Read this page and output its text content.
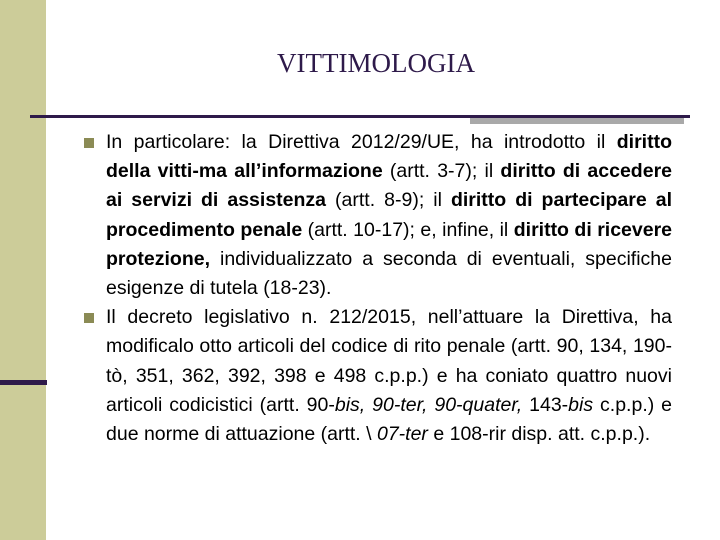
VITTIMOLOGIA
In particolare: la Direttiva 2012/29/UE, ha introdotto il diritto della vitti-ma all’informazione (artt. 3-7); il diritto di accedere ai servizi di assistenza (artt. 8-9); il diritto di partecipare al procedimento penale (artt. 10-17); e, infine, il diritto di ricevere protezione, individualizzato a seconda di eventuali, specifiche esigenze di tutela (18-23).
Il decreto legislativo n. 212/2015, nell’attuare la Direttiva, ha modificalo otto articoli del codice di rito penale (artt. 90, 134, 190-tò, 351, 362, 392, 398 e 498 c.p.p.) e ha coniato quattro nuovi articoli codicistici (artt. 90-bis, 90-ter, 90-quater, 143-bis c.p.p.) e due norme di attuazione (artt. \ 07-ter e 108-rir disp. att. c.p.p.).
